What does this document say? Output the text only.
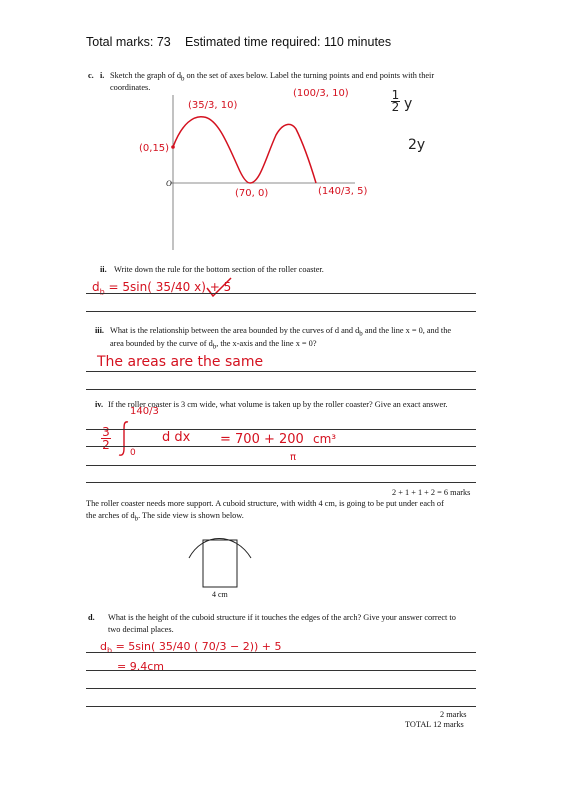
Total marks: 73 Estimated time required: 110 minutes
c. i. Sketch the graph of $d_b$ on the set of axes below. Label the turning points and end points with their
coordinates.
O
(0,15)
(35/3, 10)
(70, 0)
(100/3, 10)
(140/3, 5)
1
2 y
2y
ii. Write down the rule for the bottom section of the roller coaster.
$d_b = 5\sin$( 35/40 x) + 5
iii. What is the relationship between the area bounded by the curves of d and $d_b$ and the line x = 0, and the
area bounded by the curve of $d_b$, the x-axis and the line x = 0?
The areas are the same
iv. If the roller coaster is 3 cm wide, what volume is taken up by the roller coaster? Give an exact answer.
3
2
140/3
0
d dx = 700 + 200
π
cm³
2 + 1 + 1 + 2 = 6 marks
The roller coaster needs more support. A cuboid structure, with width 4 cm, is going to be put under each of
the arches of $d_b$. The side view is shown below.
4 cm
d. What is the height of the cuboid structure if it touches the edges of the arch? Give your answer correct to
two decimal places.
$d_b = 5\sin$( 35/40 ( 70/3 − 2)) + 5
= 9.4cm
2 marks
TOTAL 12 marks
